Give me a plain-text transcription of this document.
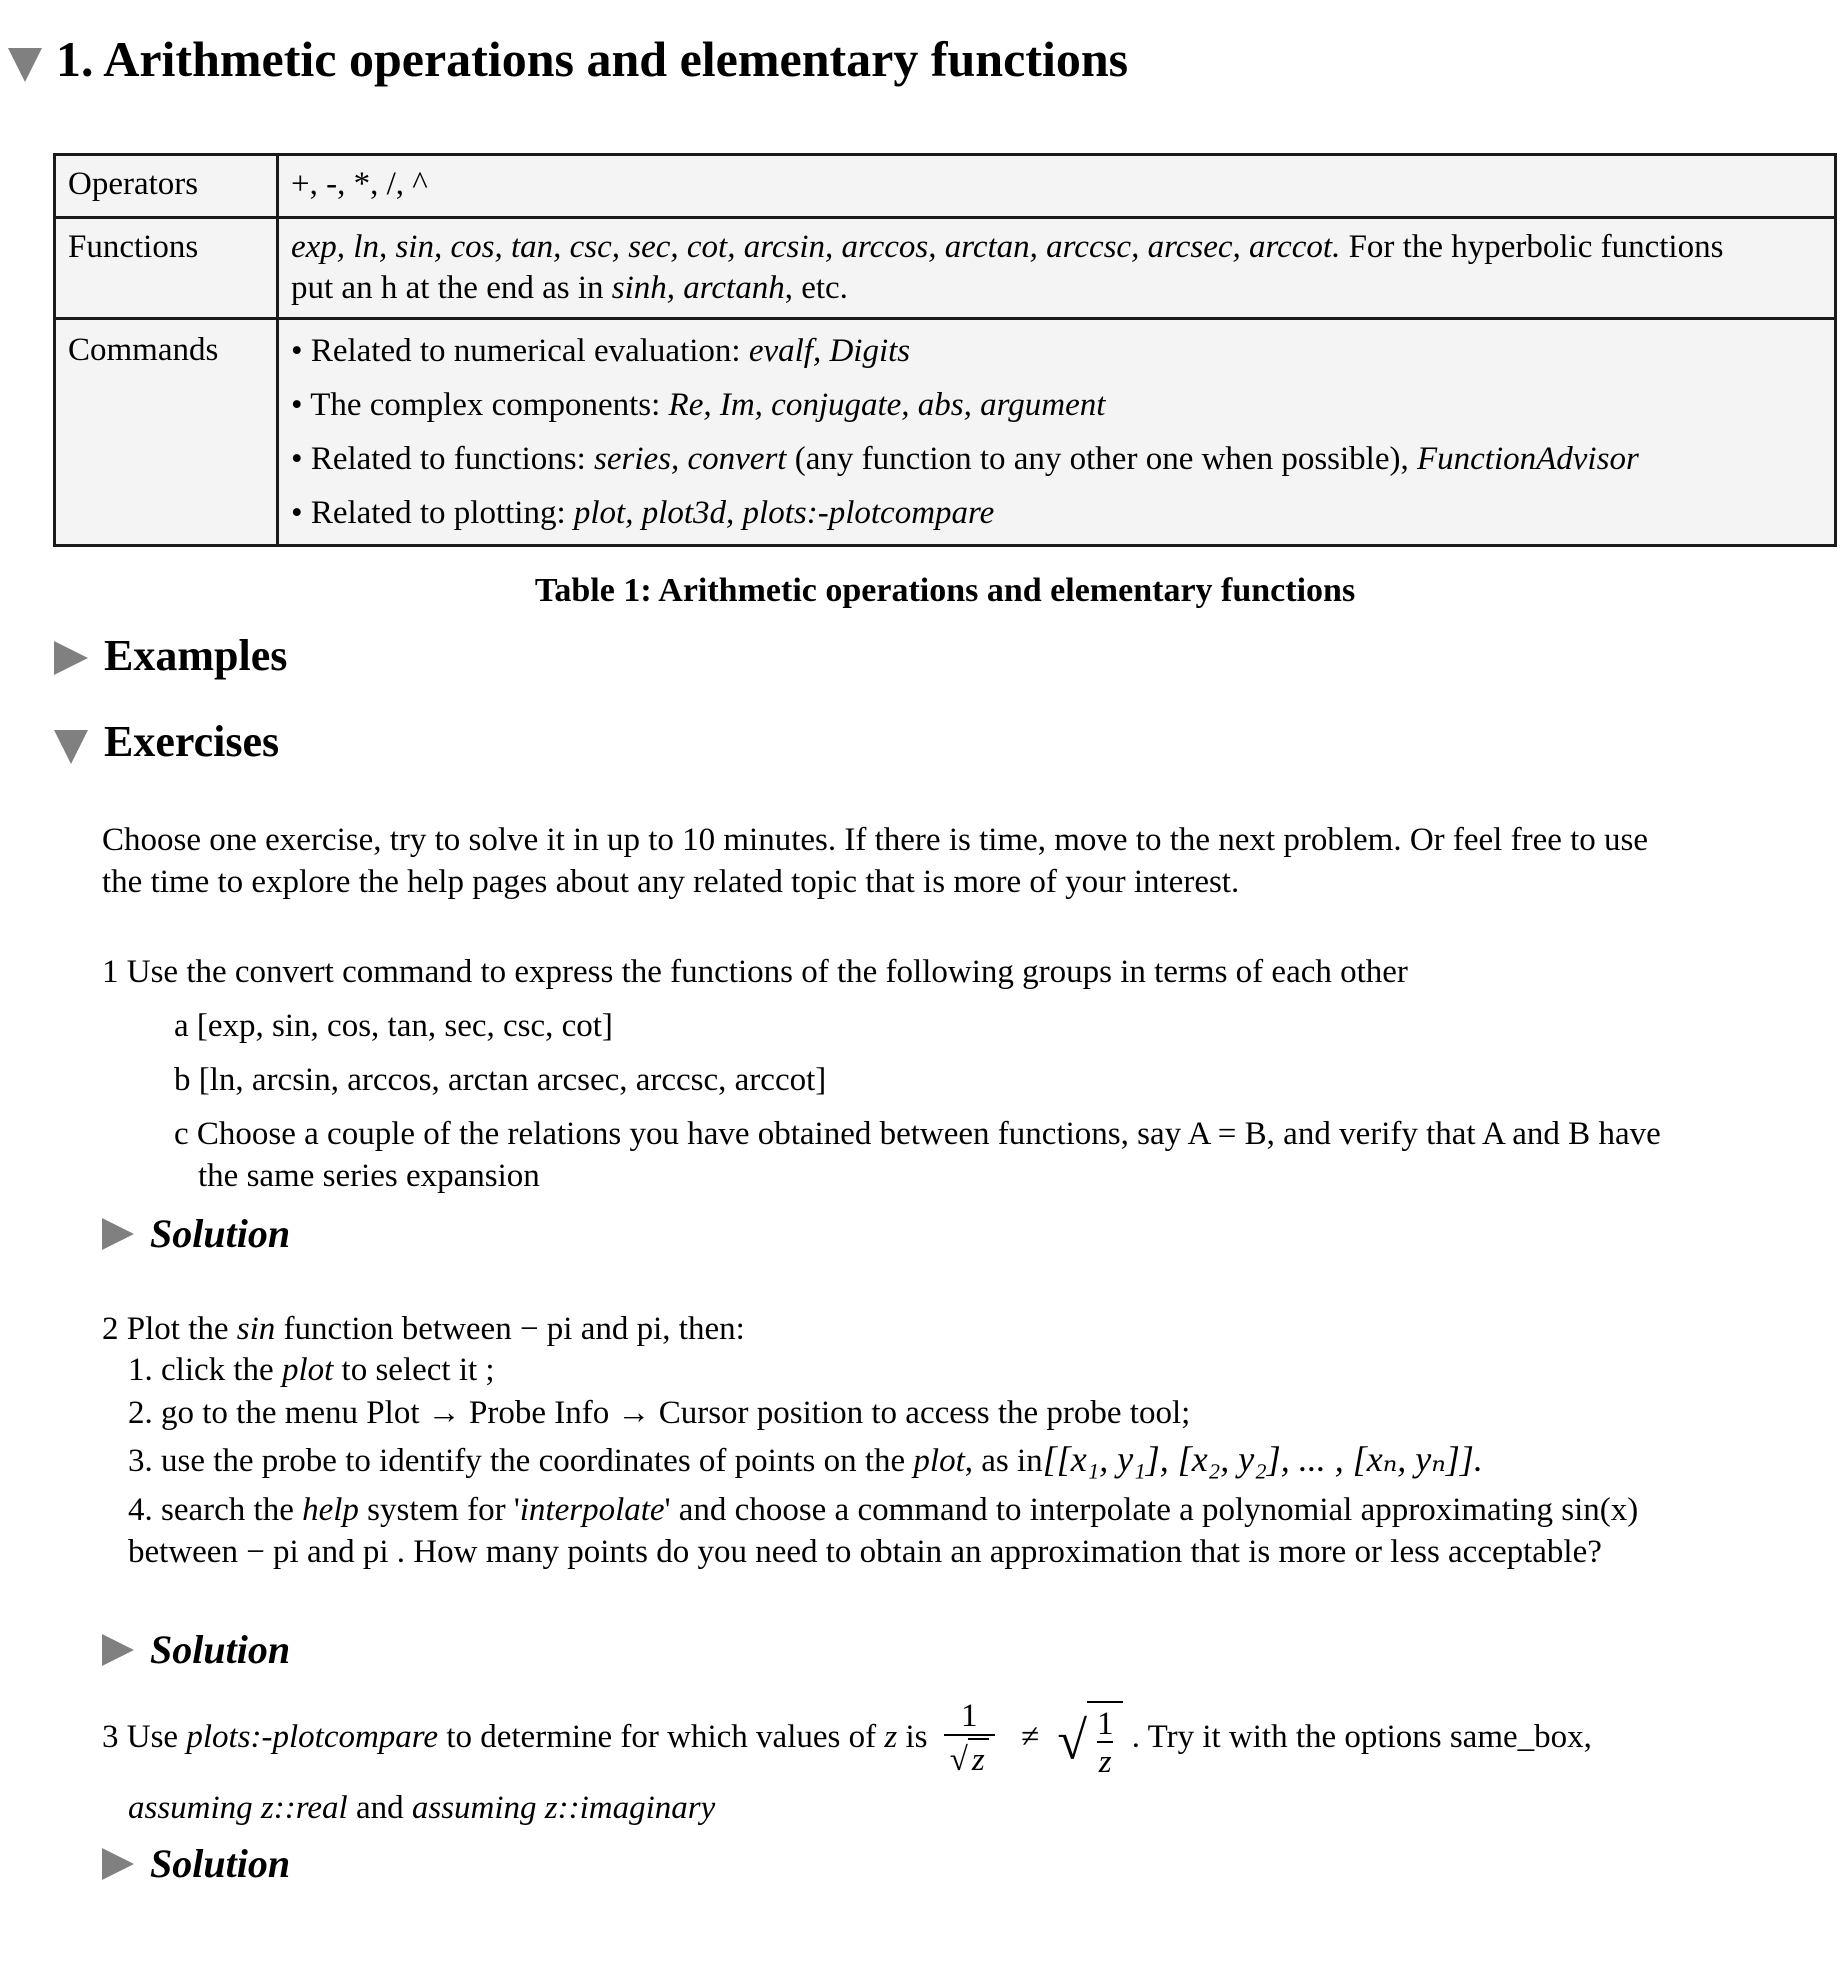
1. Arithmetic operations and elementary functions
Operators	+, -, *, /, ^
Functions	exp, ln, sin, cos, tan, csc, sec, cot, arcsin, arccos, arctan, arccsc, arcsec, arccot. For the hyperbolic functions
put an h at the end as in sinh, arctanh, etc.
Commands	• Related to numerical evaluation: evalf, Digits
• The complex components: Re, Im, conjugate, abs, argument
• Related to functions: series, convert (any function to any other one when possible), FunctionAdvisor
• Related to plotting: plot, plot3d, plots:-plotcompare
Table 1: Arithmetic operations and elementary functions
Examples
Exercises
Choose one exercise, try to solve it in up to 10 minutes. If there is time, move to the next problem. Or feel free to use
the time to explore the help pages about any related topic that is more of your interest.
1 Use the convert command to express the functions of the following groups in terms of each other
a [exp, sin, cos, tan, sec, csc, cot]
b [ln, arcsin, arccos, arctan arcsec, arccsc, arccot]
c Choose a couple of the relations you have obtained between functions, say A = B, and verify that A and B have
the same series expansion
Solution
2 Plot the sin function between − pi and pi, then:
1. click the plot to select it ;
2. go to the menu Plot → Probe Info → Cursor position to access the probe tool;
3. use the probe to identify the coordinates of points on the plot, as in[[x₁, y₁], [x₂, y₂], ... , [xₙ, yₙ]].
4. search the help system for 'interpolate' and choose a command to interpolate a polynomial approximating sin(x)
between − pi and pi . How many points do you need to obtain an approximation that is more or less acceptable?
Solution
3 Use plots:-plotcompare to determine for which values of z is $\frac{1}{√ z}$ ≠ √ $\frac{1}{z}$ . Try it with the options same_box,
assuming z::real and assuming z::imaginary
Solution
